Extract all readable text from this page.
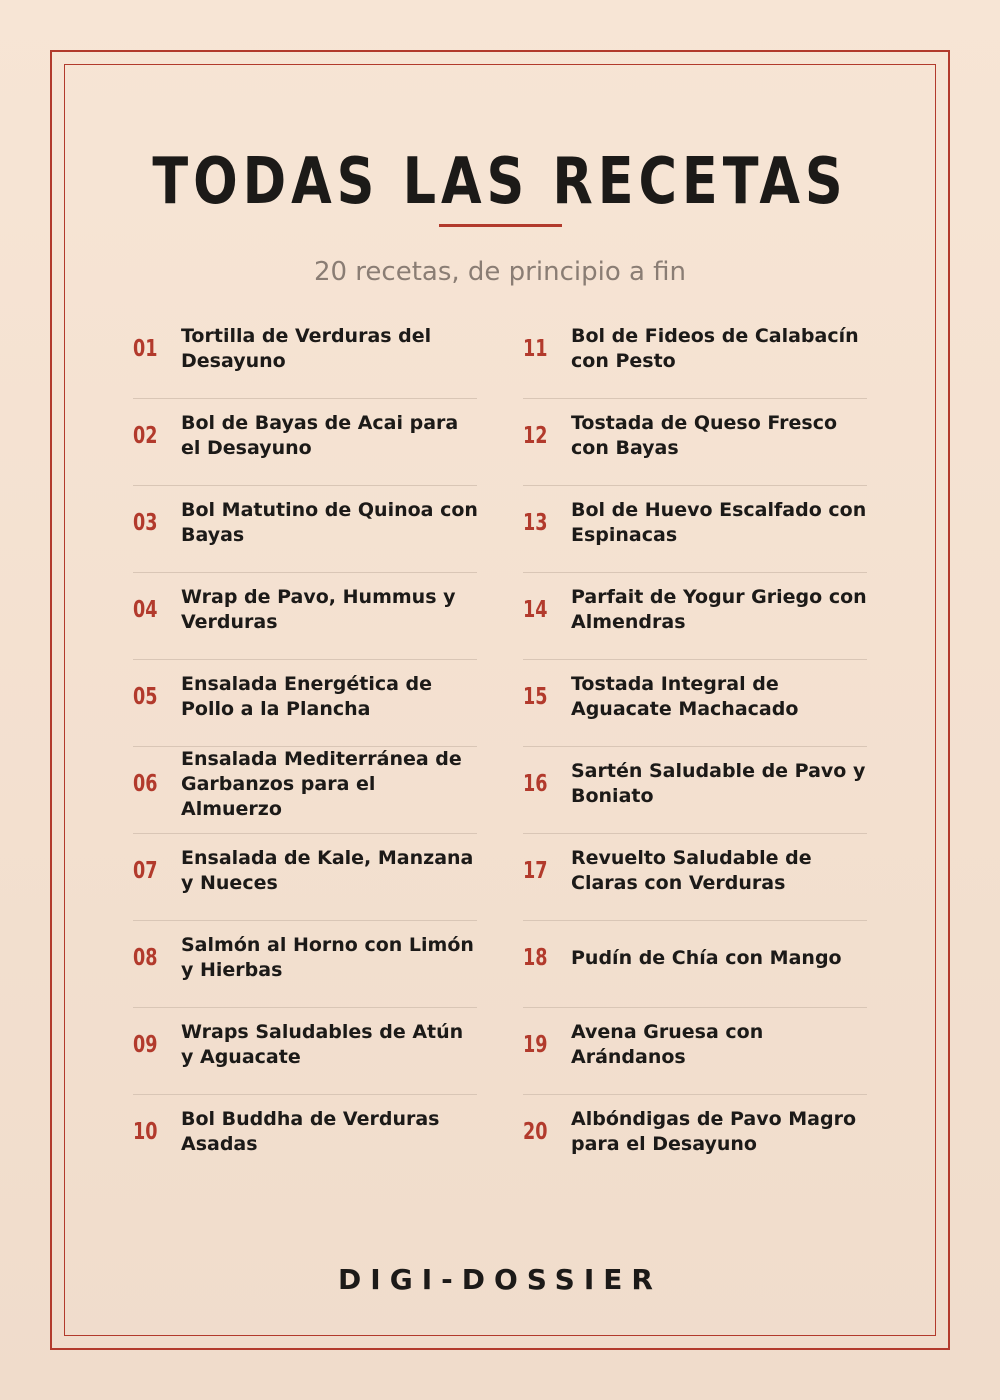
TODAS LAS RECETAS
20 recetas, de principio a fin
01 Tortilla de Verduras del Desayuno
02 Bol de Bayas de Acai para el Desayuno
03 Bol Matutino de Quinoa con Bayas
04 Wrap de Pavo, Hummus y Verduras
05 Ensalada Energética de Pollo a la Plancha
06
Ensalada Mediterránea de Garbanzos para el Almuerzo
07 Ensalada de Kale, Manzana y Nueces
08 Salmón al Horno con Limón y Hierbas
09 Wraps Saludables de Atún y Aguacate
10 Bol Buddha de Verduras Asadas
11 Bol de Fideos de Calabacín con Pesto
12 Tostada de Queso Fresco con Bayas
13 Bol de Huevo Escalfado con Espinacas
14 Parfait de Yogur Griego con Almendras
15 Tostada Integral de Aguacate Machacado
16 Sartén Saludable de Pavo y Boniato
17 Revuelto Saludable de Claras con Verduras
18 Pudín de Chía con Mango
19 Avena Gruesa con Arándanos
20 Albóndigas de Pavo Magro para el Desayuno
DIGI-DOSSIER
